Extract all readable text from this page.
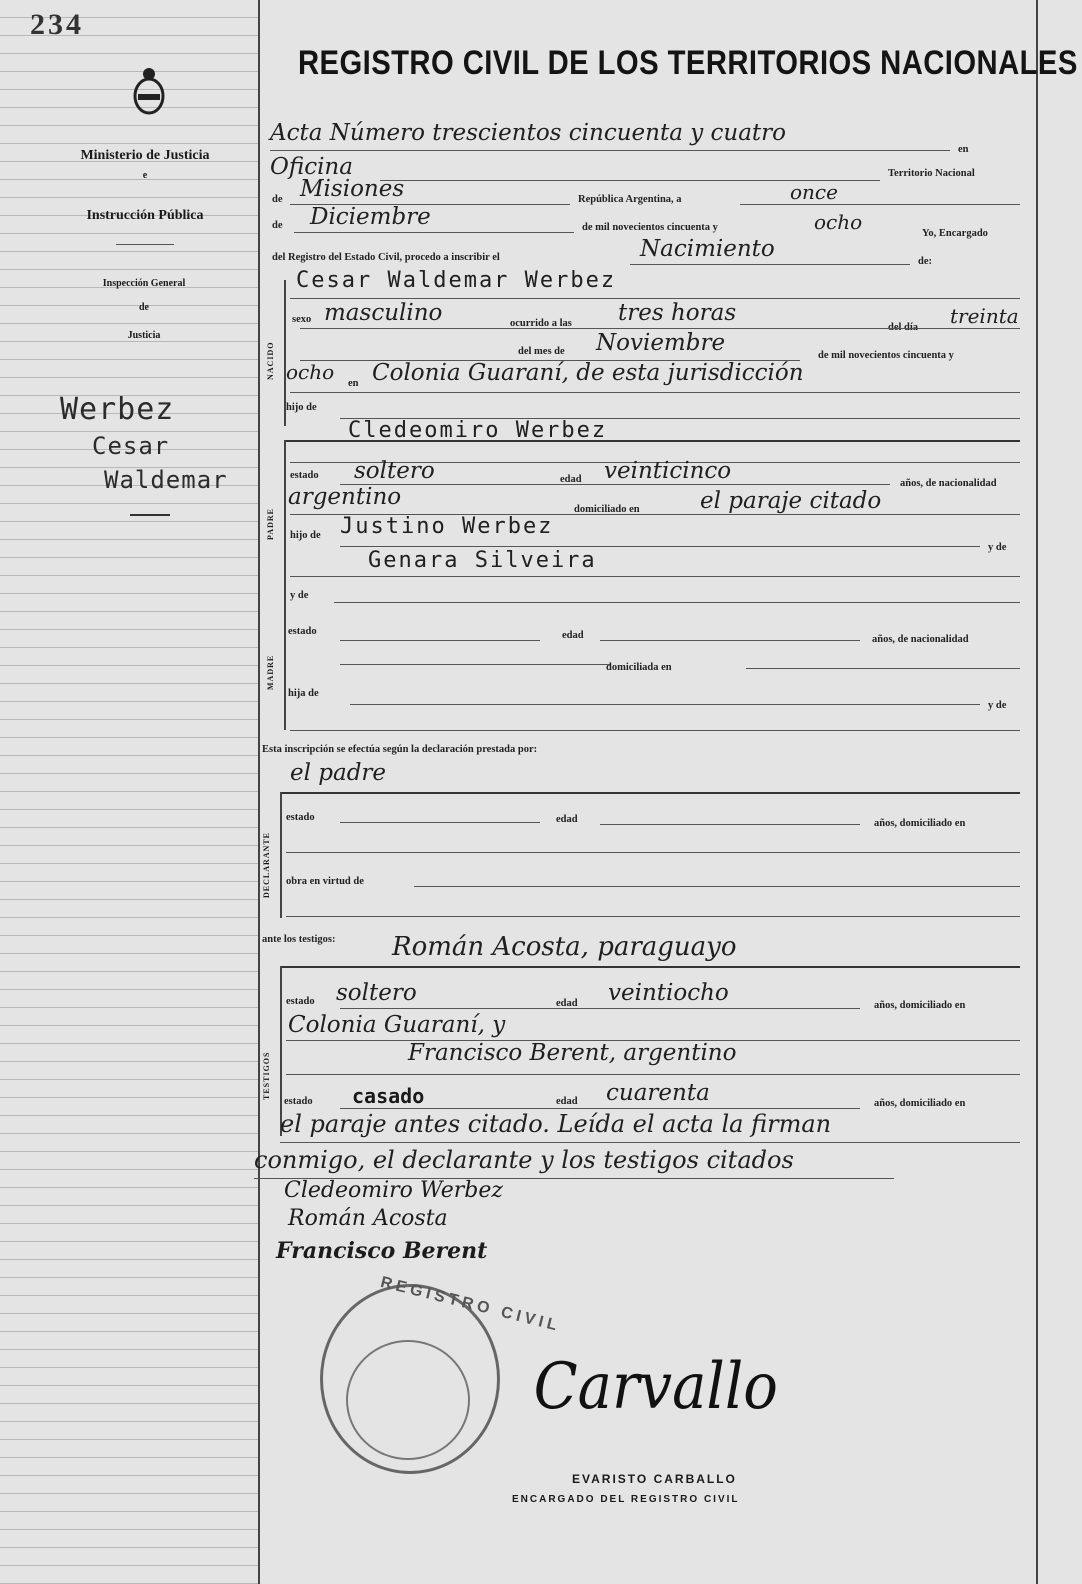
234
Ministerio de Justicia
e
Instrucción Pública
Inspección General
de
Justicia
Werbez
Cesar
Waldemar
REGISTRO CIVIL DE LOS TERRITORIOS NACIONALES
Acta Número trescientos cincuenta y cuatro
en
Oficina	Territorio Nacional
de Misiones	República Argentina, a	once
de Diciembre	de mil novecientos cincuenta y	ocho	Yo, Encargado
del Registro del Estado Civil, procedo a inscribir el	Nacimiento	de:
NACIDO
Cesar Waldemar Werbez
sexo masculino	ocurrido a las tres horas
del día treinta
del mes de Noviembre	de mil novecientos cincuenta y
ocho en Colonia Guaraní, de esta jurisdicción
hijo de
PADRE
Cledeomiro Werbez
estado soltero	edad veinticinco	años, de nacionalidad
argentino	domiciliado en	el paraje citado
hijo de Justino Werbez
y de
Genara Silveira
MADRE
y de
estado	edad	años, de nacionalidad
domiciliada en
hija de
y de
Esta inscripción se efectúa según la declaración prestada por:
el padre
DECLARANTE
estado	edad	años, domiciliado en
obra en virtud de
ante los testigos: Román Acosta, paraguayo
TESTIGOS
estado soltero	edad veintiocho	años, domiciliado en
Colonia Guaraní, y
Francisco Berent, argentino
estado casado	edad cuarenta	años, domiciliado en
el paraje antes citado. Leída el acta la firman
conmigo, el declarante y los testigos citados
Cledeomiro Werbez
Román Acosta
Francisco Berent
REGISTRO CIVIL
Carvallo
EVARISTO CARBALLO
ENCARGADO DEL REGISTRO CIVIL
